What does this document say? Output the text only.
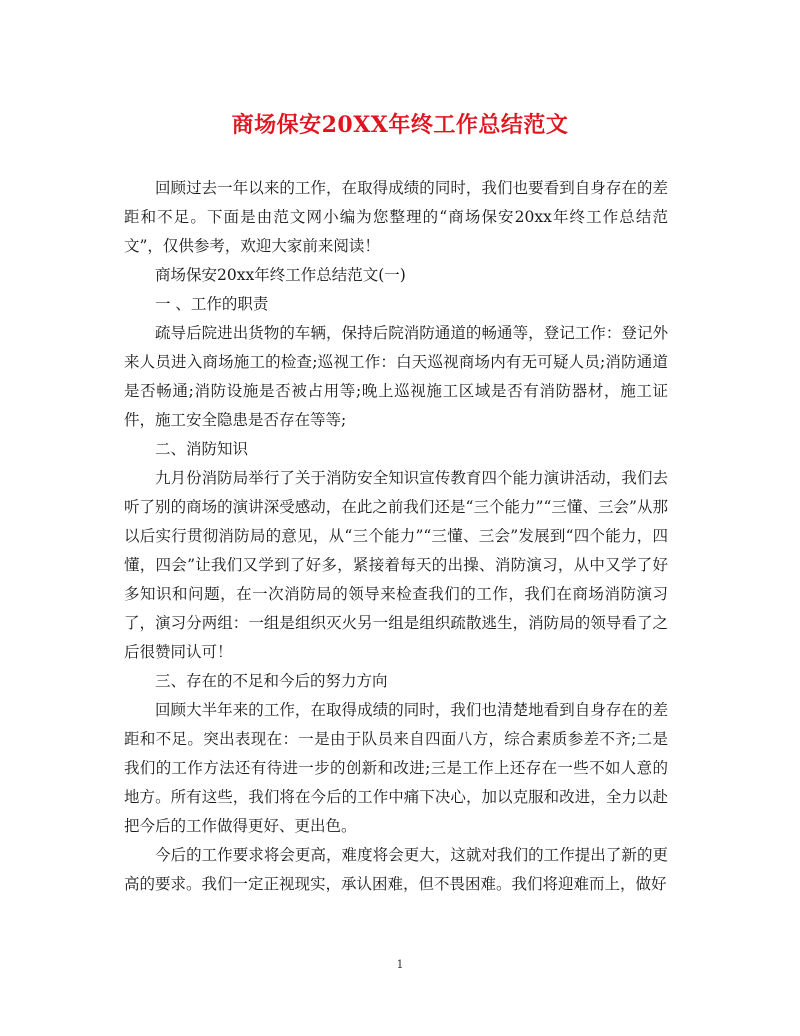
商场保安20XX年终工作总结范文

回顾过去一年以来的工作，在取得成绩的同时，我们也要看到自身存在的差距和不足。下面是由范文网小编为您整理的“商场保安20xx年终工作总结范文”，仅供参考，欢迎大家前来阅读！

商场保安20xx年终工作总结范文(一)

一 、工作的职责

疏导后院进出货物的车辆，保持后院消防通道的畅通等，登记工作：登记外来人员进入商场施工的检查;巡视工作：白天巡视商场内有无可疑人员;消防通道是否畅通;消防设施是否被占用等;晚上巡视施工区域是否有消防器材，施工证件，施工安全隐患是否存在等等;

二、消防知识

九月份消防局举行了关于消防安全知识宣传教育四个能力演讲活动，我们去听了别的商场的演讲深受感动，在此之前我们还是“三个能力”“三懂、三会”从那以后实行贯彻消防局的意见，从“三个能力”“三懂、三会”发展到“四个能力，四懂，四会”让我们又学到了好多，紧接着每天的出操、消防演习，从中又学了好多知识和问题，在一次消防局的领导来检查我们的工作，我们在商场消防演习了，演习分两组：一组是组织灭火另一组是组织疏散逃生，消防局的领导看了之后很赞同认可！

三、存在的不足和今后的努力方向

回顾大半年来的工作，在取得成绩的同时，我们也清楚地看到自身存在的差距和不足。突出表现在：一是由于队员来自四面八方，综合素质参差不齐;二是我们的工作方法还有待进一步的创新和改进;三是工作上还存在一些不如人意的地方。所有这些，我们将在今后的工作中痛下决心，加以克服和改进，全力以赴把今后的工作做得更好、更出色。

今后的工作要求将会更高，难度将会更大，这就对我们的工作提出了新的更高的要求。我们一定正视现实，承认困难，但不畏困难。我们将迎难而上，做好

1
